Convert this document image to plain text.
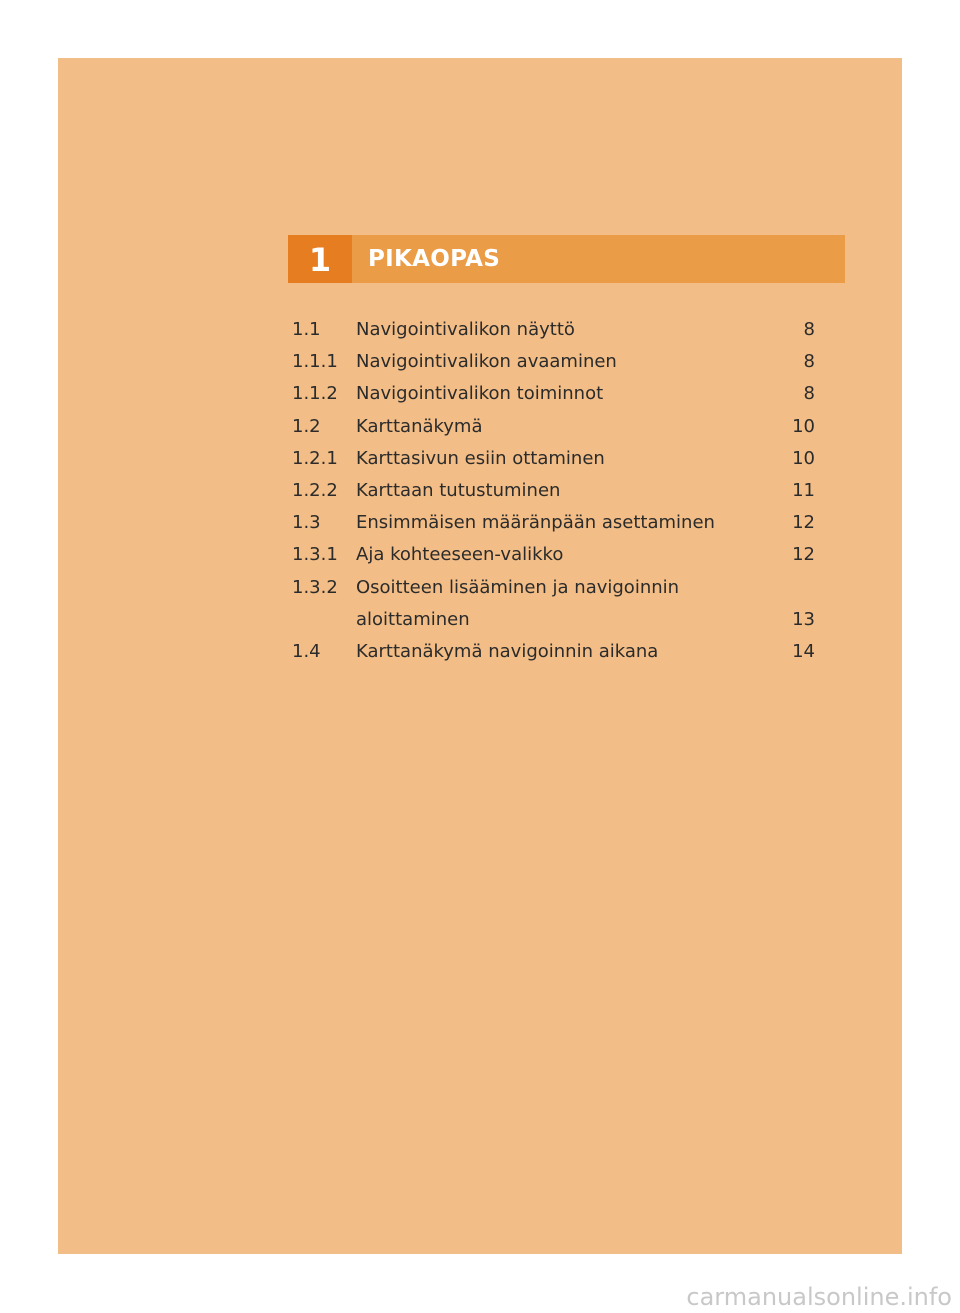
1	PIKAOPAS
1.1 Navigointivalikon näyttö	8
1.1.1 Navigointivalikon avaaminen	8
1.1.2 Navigointivalikon toiminnot	8
1.2 Karttanäkymä	10
1.2.1 Karttasivun esiin ottaminen	10
1.2.2 Karttaan tutustuminen	11
1.3 Ensimmäisen määränpään asettaminen	12
1.3.1 Aja kohteeseen-valikko	12
1.3.2 Osoitteen lisääminen ja navigoinnin
aloittaminen	13
1.4 Karttanäkymä navigoinnin aikana	14
carmanualsonline.info
